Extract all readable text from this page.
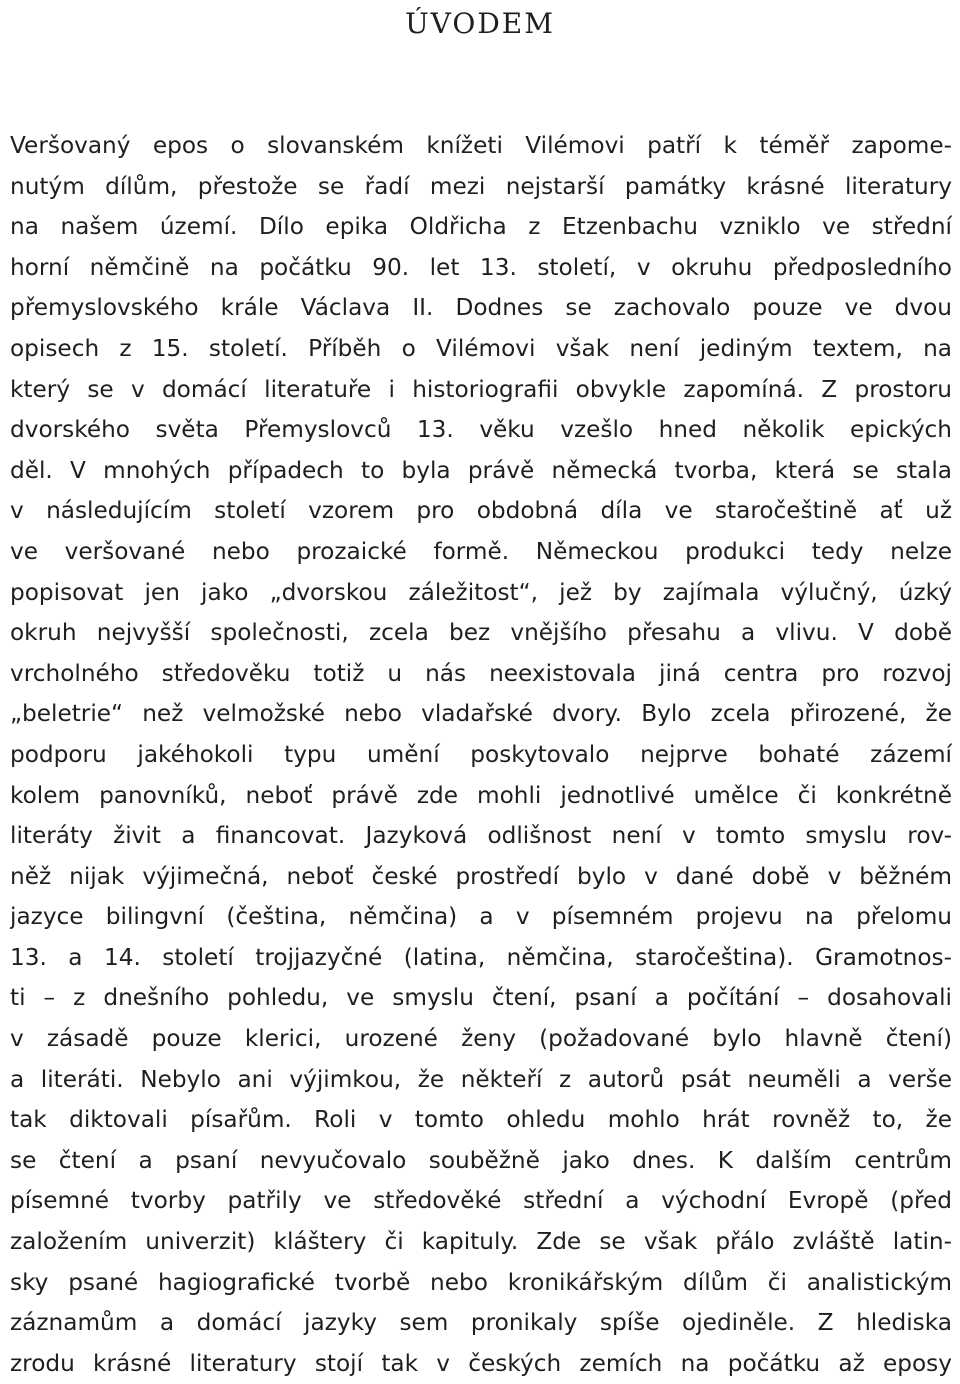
ÚVODEM
Veršovaný epos o slovanském knížeti Vilémovi patří k téměř zapome-
nutým dílům, přestože se řadí mezi nejstarší památky krásné literatury
na našem území. Dílo epika Oldřicha z Etzenbachu vzniklo ve střední
horní němčině na počátku 90. let 13. století, v okruhu předposledního
přemyslovského krále Václava II. Dodnes se zachovalo pouze ve dvou
opisech z 15. století. Příběh o Vilémovi však není jediným textem, na
který se v domácí literatuře i historiografii obvykle zapomíná. Z prostoru
dvorského světa Přemyslovců 13. věku vzešlo hned několik epických
děl. V mnohých případech to byla právě německá tvorba, která se stala
v následujícím století vzorem pro obdobná díla ve staročeštině ať už
ve veršované nebo prozaické formě. Německou produkci tedy nelze
popisovat jen jako „dvorskou záležitost“, jež by zajímala výlučný, úzký
okruh nejvyšší společnosti, zcela bez vnějšího přesahu a vlivu. V době
vrcholného středověku totiž u nás neexistovala jiná centra pro rozvoj
„beletrie“ než velmožské nebo vladařské dvory. Bylo zcela přirozené, že
podporu jakéhokoli typu umění poskytovalo nejprve bohaté zázemí
kolem panovníků, neboť právě zde mohli jednotlivé umělce či konkrétně
literáty živit a financovat. Jazyková odlišnost není v tomto smyslu rov-
něž nijak výjimečná, neboť české prostředí bylo v dané době v běžném
jazyce bilingvní (čeština, němčina) a v písemném projevu na přelomu
13. a 14. století trojjazyčné (latina, němčina, staročeština). Gramotnos-
ti – z dnešního pohledu, ve smyslu čtení, psaní a počítání – dosahovali
v zásadě pouze klerici, urozené ženy (požadované bylo hlavně čtení)
a literáti. Nebylo ani výjimkou, že někteří z autorů psát neuměli a verše
tak diktovali písařům. Roli v tomto ohledu mohlo hrát rovněž to, že
se čtení a psaní nevyučovalo souběžně jako dnes. K dalším centrům
písemné tvorby patřily ve středověké střední a východní Evropě (před
založením univerzit) kláštery či kapituly. Zde se však přálo zvláště latin-
sky psané hagiografické tvorbě nebo kronikářským dílům či analistickým
záznamům a domácí jazyky sem pronikaly spíše ojediněle. Z hlediska
zrodu krásné literatury stojí tak v českých zemích na počátku až eposy
